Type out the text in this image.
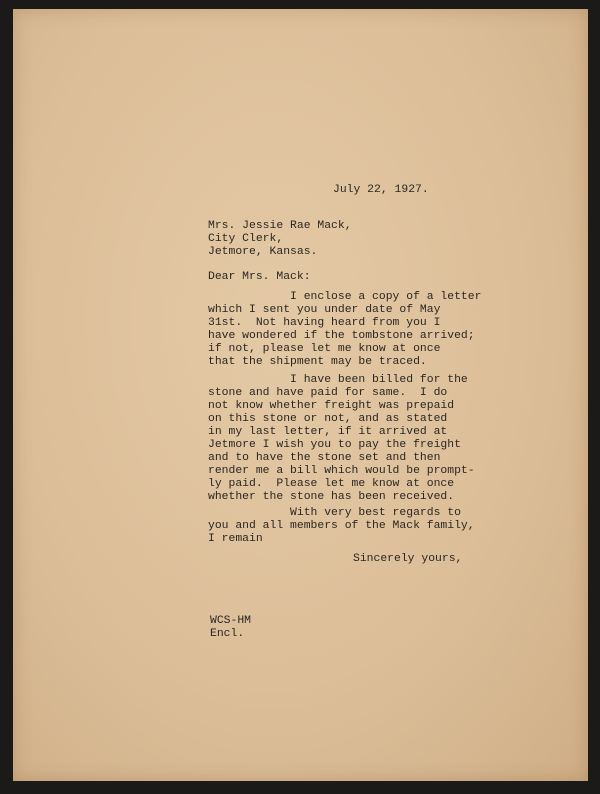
July 22, 1927.

Mrs. Jessie Rae Mack,
City Clerk,
Jetmore, Kansas.

Dear Mrs. Mack:

I enclose a copy of a letter
which I sent you under date of May
31st.  Not having heard from you I
have wondered if the tombstone arrived;
if not, please let me know at once
that the shipment may be traced.
I have been billed for the
stone and have paid for same.  I do
not know whether freight was prepaid
on this stone or not, and as stated
in my last letter, if it arrived at
Jetmore I wish you to pay the freight
and to have the stone set and then
render me a bill which would be prompt-
ly paid.  Please let me know at once
whether the stone has been received.
With very best regards to
you and all members of the Mack family,
I remain

Sincerely yours,

WCS-HM
Encl.
